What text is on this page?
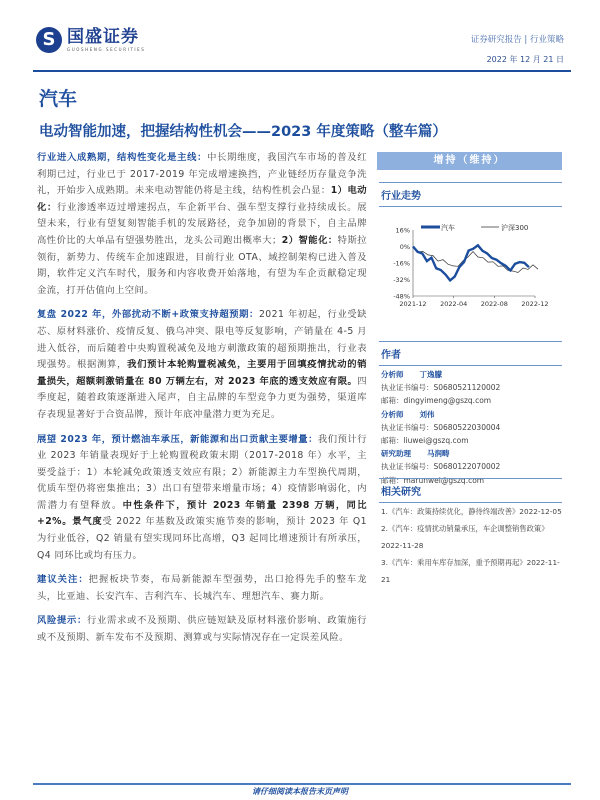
S 国盛证券
GUOSHENG SECURITIES
证券研究报告 | 行业策略
2022 年 12 月 21 日
汽车
电动智能加速，把握结构性机会——2023 年度策略（整车篇）

行业进入成熟期，结构性变化是主线：中长期维度，我国汽车市场的普及红利期已过，行业已于 2017-2019 年完成增速换挡，产业链经历存量竞争洗礼，开始步入成熟期。未来电动智能仍将是主线，结构性机会凸显：1）电动化：行业渗透率迈过增速拐点，车企新平台、强车型支撑行业持续成长。展望未来，行业有望复刻智能手机的发展路径，竞争加剧的背景下，自主品牌高性价比的大单品有望强势胜出，龙头公司跑出概率大；2）智能化：特斯拉领衔，新势力、传统车企加速跟进，目前行业 OTA、域控制架构已进入普及期，软件定义汽车时代，服务和内容收费开始落地，有望为车企贡献稳定现金流，打开估值向上空间。

复盘 2022 年，外部扰动不断+政策支持超预期：2021 年初起，行业受缺芯、原材料涨价、疫情反复、俄乌冲突、限电等反复影响，产销量在 4-5 月进入低谷，而后随着中央购置税减免及地方刺激政策的超预期推出，行业表现强势。根据测算，我们预计本轮购置税减免，主要用于回填疫情扰动的销量损失，超额刺激销量在 80 万辆左右，对 2023 年底的透支效应有限。四季度起，随着政策逐渐进入尾声，自主品牌的车型竞争力更为强势，渠道库存表现显著好于合资品牌，预计年底冲量潜力更为充足。

展望 2023 年，预计燃油车承压，新能源和出口贡献主要增量：我们预计行业 2023 年销量表现好于上轮购置税政策末期（2017-2018 年）水平，主要受益于：1）本轮减免政策透支效应有限；2）新能源主力车型换代周期，优质车型仍将密集推出；3）出口有望带来增量市场；4）疫情影响弱化，内需潜力有望释放。中性条件下，预计 2023 年销量 2398 万辆，同比+2%。景气度受 2022 年基数及政策实施节奏的影响，预计 2023 年 Q1 为行业低谷，Q2 销量有望实现同环比高增，Q3 起同比增速预计有所承压，Q4 同环比或均有压力。

建议关注：把握板块节奏，布局新能源车型强势，出口抢得先手的整车龙头，比亚迪、长安汽车、吉利汽车、长城汽车、理想汽车、赛力斯。

风险提示：行业需求或不及预期、供应链短缺及原材料涨价影响、政策施行或不及预期、新车发布不及预期、测算或与实际情况存在一定误差风险。

增持（维持）
行业走势
汽车	沪深300
16%
0%
-16%
-32%
-48%
2021-12 2022-04 2022-08 2022-12
作者
分析师 丁逸朦
执业证书编号：S0680521120002
邮箱：dingyimeng@gszq.com
分析师 刘伟
执业证书编号：S0680522030004
邮箱：liuwei@gszq.com
研究助理 马润畴
执业证书编号：S0680122070002
邮箱：marunwei@gszq.com
相关研究
1.《汽车：政策持续优化，静待终端改善》2022-12-05
2.《汽车：疫情扰动销量承压，车企调整销售政策》2022-11-28
3.《汽车：乘用车库存加深，重予预期再起》2022-11-21
请仔细阅读本报告末页声明
